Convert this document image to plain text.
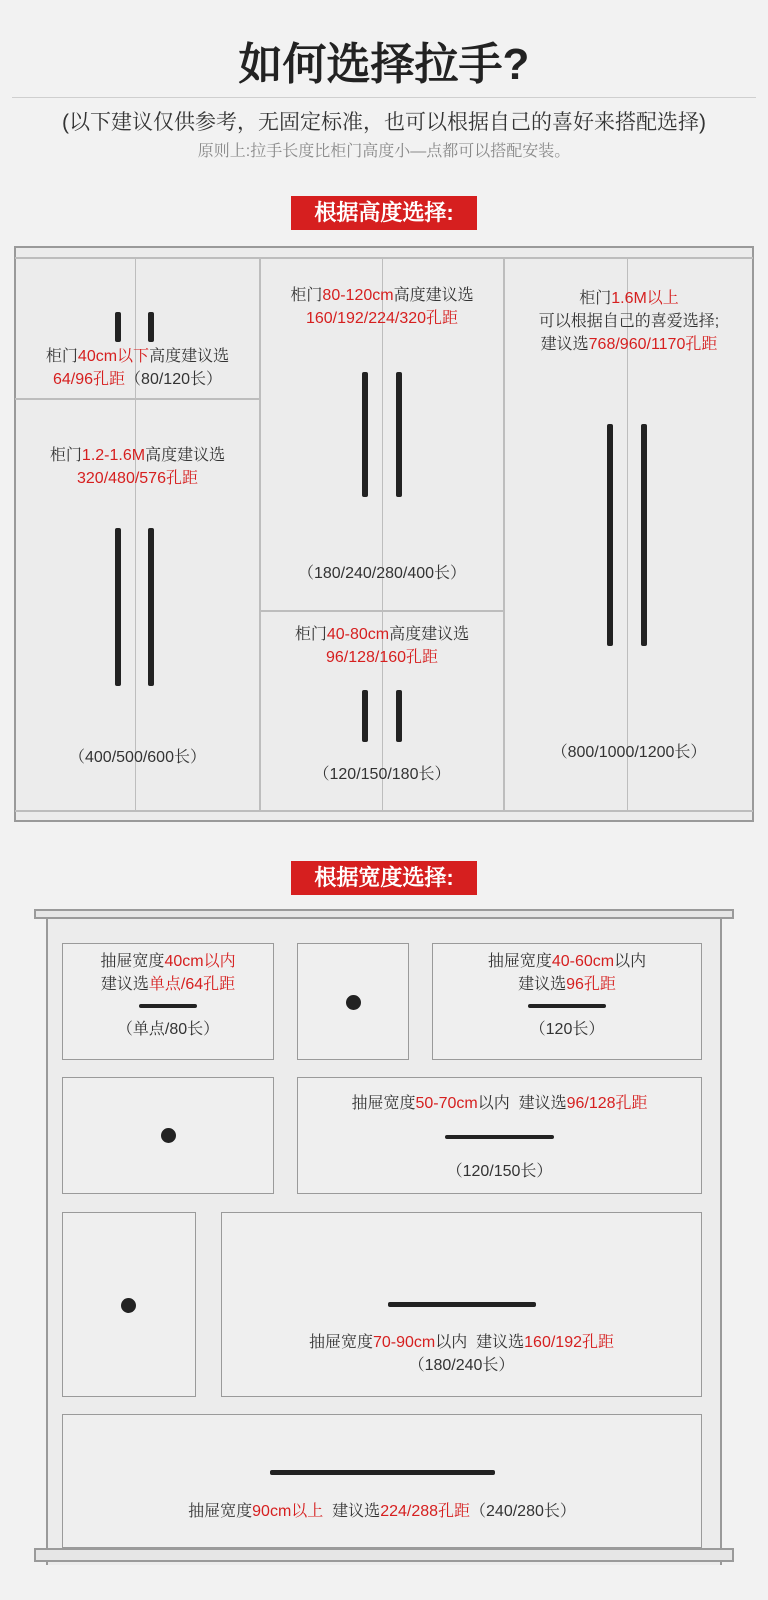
如何选择拉手?
(以下建议仅供参考，无固定标准，也可以根据自己的喜好来搭配选择)
原则上:拉手长度比柜门高度小—点都可以搭配安装。
根据高度选择:
柜门40cm以下高度建议选
64/96孔距（80/120长）
柜门1.2-1.6M高度建议选
320/480/576孔距
（400/500/600长）
柜门80-120cm高度建议选
160/192/224/320孔距
（180/240/280/400长）
柜门40-80cm高度建议选
96/128/160孔距
（120/150/180长）
柜门1.6M以上
可以根据自己的喜爱选择;
建议选768/960/1170孔距
（800/1000/1200长）
根据宽度选择:
抽屉宽度40cm以内
建议选单点/64孔距
（单点/80长）
抽屉宽度40-60cm以内
建议选96孔距
（120长）
抽屉宽度50-70cm以内  建议选96/128孔距
（120/150长）
抽屉宽度70-90cm以内  建议选160/192孔距
（180/240长）
抽屉宽度90cm以上  建议选224/288孔距（240/280长）
